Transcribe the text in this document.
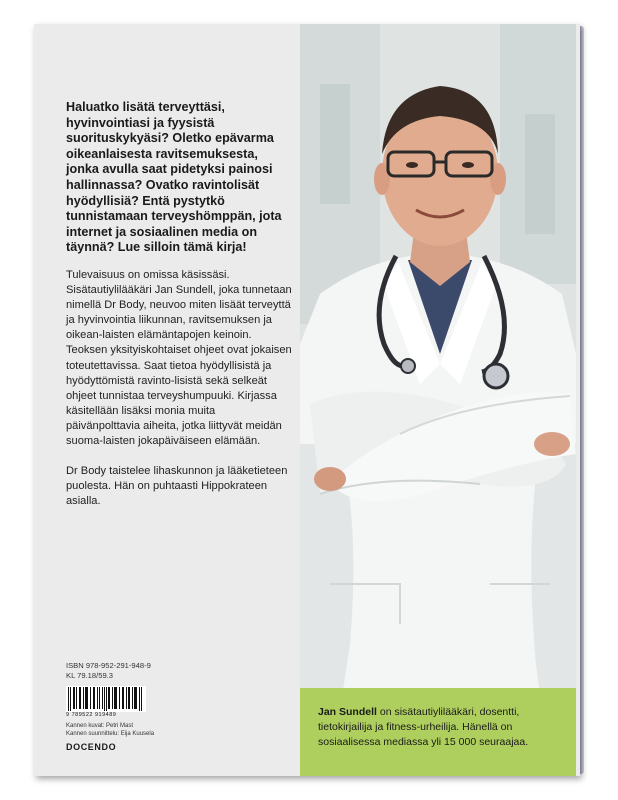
Jan Sundell on sisätautiylilääkäri, dosentti, tietokirjailija ja fitness-urheilija. Hänellä on sosiaalisessa mediassa yli 15 000 seuraajaa.
Haluatko lisätä terveyttäsi, hyvinvointiasi ja fyysistä suorituskykyäsi? Oletko epävarma oikeanlaisesta ravitsemuksesta, jonka avulla saat pidetyksi painosi hallinnassa? Ovatko ravintolisät hyödyllisiä? Entä pystytkö tunnistamaan terveyshömppän, jota internet ja sosiaalinen media on täynnä? Lue silloin tämä kirja!

Tulevaisuus on omissa käsissäsi. Sisätautiylilääkäri Jan Sundell, joka tunnetaan nimellä Dr Body, neuvoo miten lisäät terveyttä ja hyvinvointia liikunnan, ravitsemuksen ja oikean-laisten elämäntapojen keinoin. Teoksen yksityiskohtaiset ohjeet ovat jokaisen toteutettavissa. Saat tietoa hyödyllisistä ja hyödyttömistä ravinto-lisistä sekä selkeät ohjeet tunnistaa terveyshumpuuki. Kirjassa käsitellään lisäksi monia muita päivänpolttavia aiheita, jotka liittyvät meidän suoma-laisten jokapäiväiseen elämään.

Dr Body taistelee lihaskunnon ja lääketieteen puolesta. Hän on puhtaasti Hippokrateen asialla.

ISBN 978-952-291-948-9
KL 79.18/59.3
9 789522 919489
Kannen kuvat: Petri Mast
Kannen suunnittelu: Eija Kuusela
DOCENDO
